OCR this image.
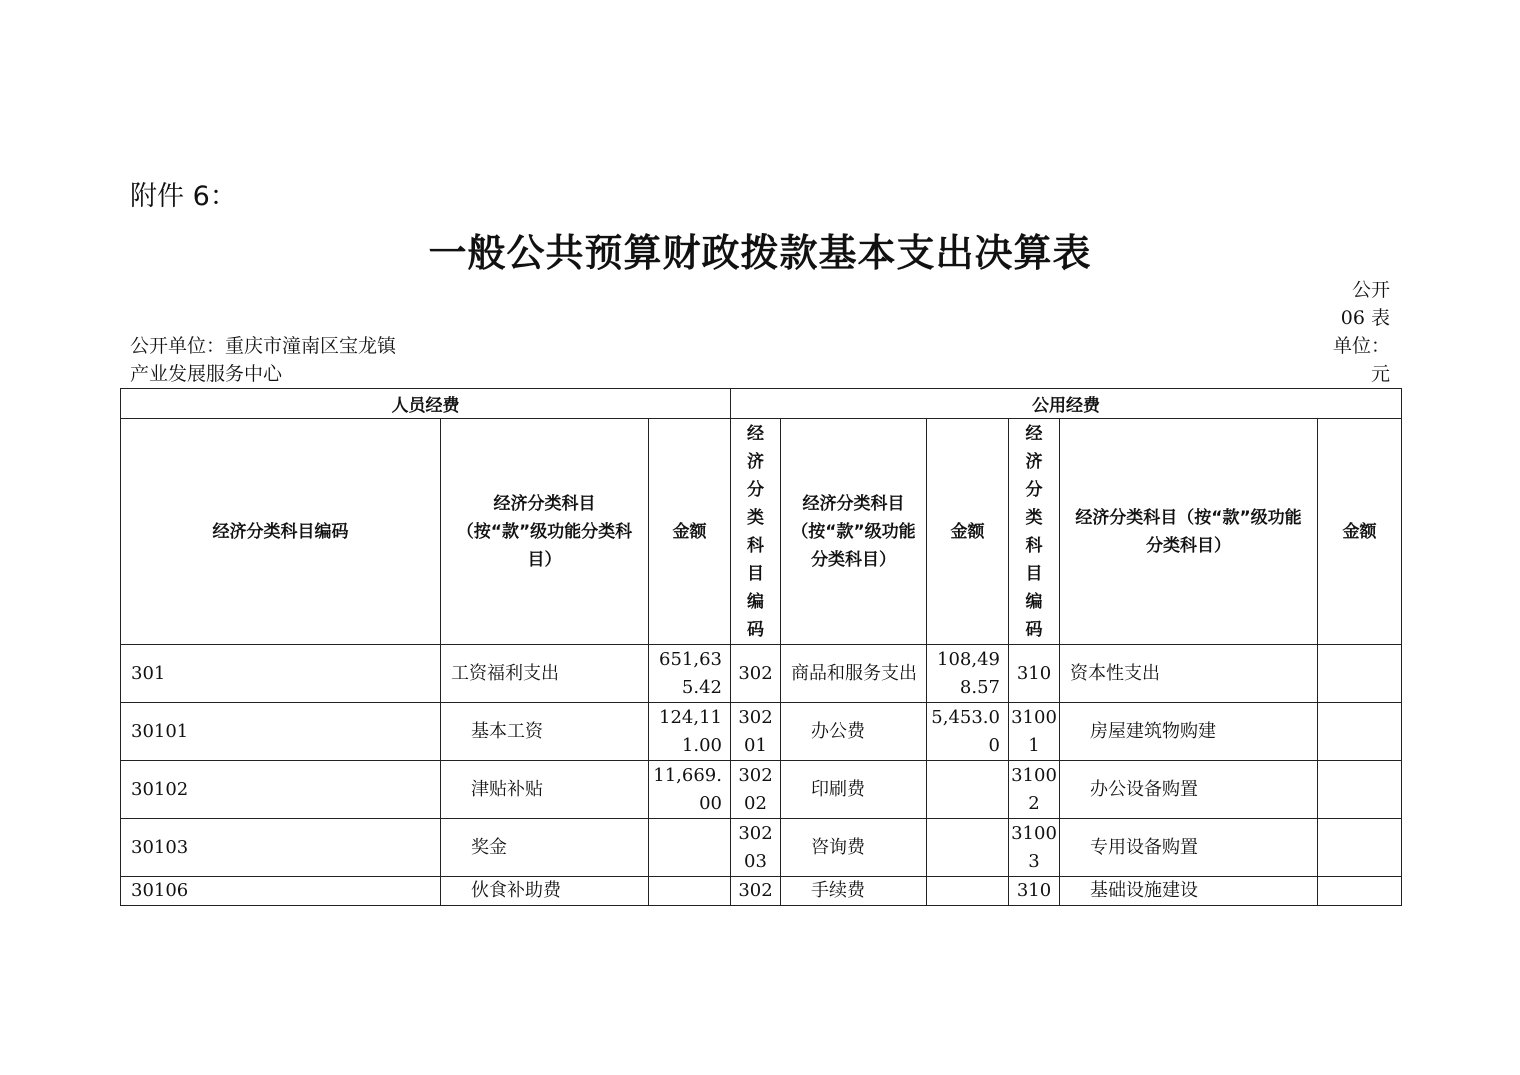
附件 6：
一般公共预算财政拨款基本支出决算表
公开
06 表
单位：
元
公开单位：重庆市潼南区宝龙镇
产业发展服务中心
人员经费			公用经费					
经济分类科目编码	经济分类科目（按“款”级功能分类科目）	金额	经济分类科目编码	经济分类科目（按“款”级功能分类科目）	金额	经济分类科目编码	经济分类科目（按“款”级功能分类科目）	金额
301	工资福利支出	651,635.42	302	商品和服务支出	108,498.57	310	资本性支出	
30101	基本工资	124,111.00	30201	办公费	5,453.00	31001	房屋建筑物购建	
30102	津贴补贴	11,669.00	30202	印刷费		31002	办公设备购置	
30103	奖金		30203	咨询费		31003	专用设备购置	
30106	伙食补助费		302	手续费		310	基础设施建设	
